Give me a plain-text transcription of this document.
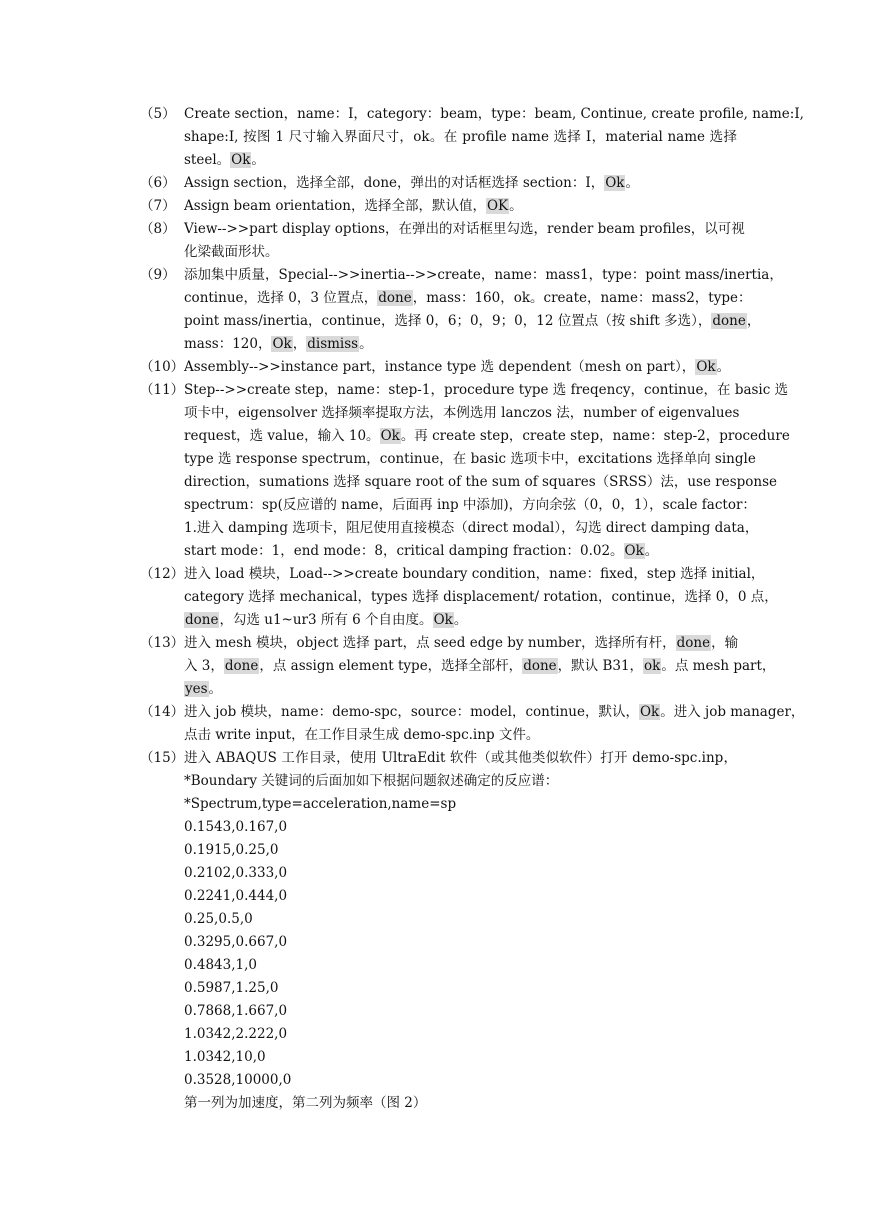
（5） Create section，name：I，category：beam，type：beam, Continue, create profile, name:I,
shape:I, 按图 1 尺寸输入界面尺寸，ok。在 profile name 选择 I，material name 选择
steel。Ok。
（6） Assign section，选择全部，done，弹出的对话框选择 section：I，Ok。
（7） Assign beam orientation，选择全部，默认值，OK。
（8） View-->>part display options，在弹出的对话框里勾选，render beam profiles，以可视
化梁截面形状。
（9） 添加集中质量，Special-->>inertia-->>create，name：mass1，type：point mass/inertia，
continue，选择 0，3 位置点，done，mass：160，ok。create，name：mass2，type：
point mass/inertia，continue，选择 0，6；0，9；0，12 位置点（按 shift 多选），done，
mass：120，Ok，dismiss。
（10） Assembly-->>instance part，instance type 选 dependent（mesh on part），Ok。
（11） Step-->>create step，name：step-1，procedure type 选 freqency，continue，在 basic 选
项卡中，eigensolver 选择频率提取方法，本例选用 lanczos 法，number of eigenvalues
request，选 value，输入 10。Ok。再 create step，create step，name：step-2，procedure
type 选 response spectrum，continue，在 basic 选项卡中，excitations 选择单向 single
direction，sumations 选择 square root of the sum of squares（SRSS）法，use response
spectrum：sp(反应谱的 name，后面再 inp 中添加)，方向余弦（0，0，1），scale factor：
1.进入 damping 选项卡，阻尼使用直接模态（direct modal），勾选 direct damping data，
start mode：1，end mode：8，critical damping fraction：0.02。Ok。
（12） 进入 load 模块，Load-->>create boundary condition，name：fixed，step 选择 initial，
category 选择 mechanical，types 选择 displacement/ rotation，continue，选择 0，0 点，
done，勾选 u1~ur3 所有 6 个自由度。Ok。
（13） 进入 mesh 模块，object 选择 part，点 seed edge by number，选择所有杆，done，输
入 3，done，点 assign element type，选择全部杆，done，默认 B31，ok。点 mesh part，
yes。
（14） 进入 job 模块，name：demo-spc，source：model，continue，默认，Ok。进入 job manager，
点击 write input，在工作目录生成 demo-spc.inp 文件。
（15） 进入 ABAQUS 工作目录，使用 UltraEdit 软件（或其他类似软件）打开 demo-spc.inp，
*Boundary 关键词的后面加如下根据问题叙述确定的反应谱：
*Spectrum,type=acceleration,name=sp
0.1543,0.167,0
0.1915,0.25,0
0.2102,0.333,0
0.2241,0.444,0
0.25,0.5,0
0.3295,0.667,0
0.4843,1,0
0.5987,1.25,0
0.7868,1.667,0
1.0342,2.222,0
1.0342,10,0
0.3528,10000,0
第一列为加速度，第二列为频率（图 2）
